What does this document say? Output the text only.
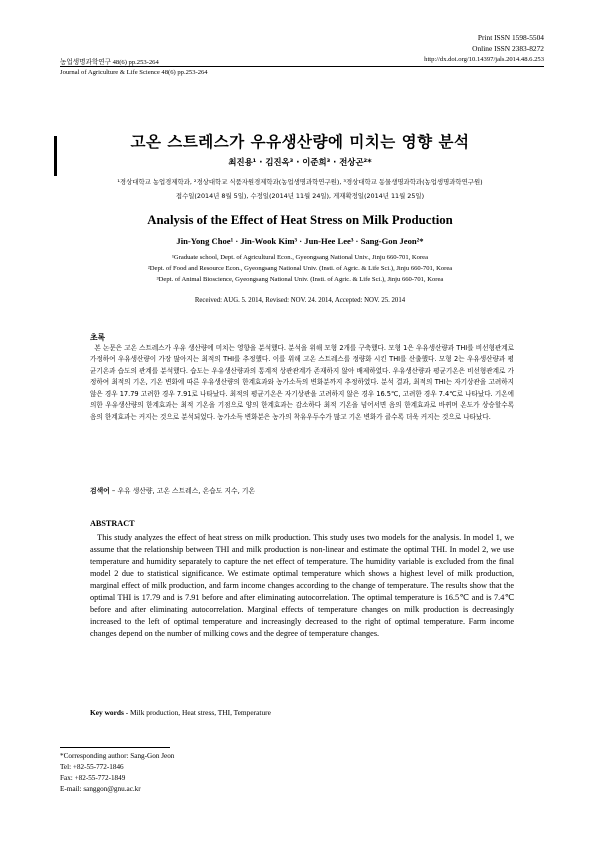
Print ISSN 1598-5504
Online ISSN 2383-8272
농업생명과학연구 48(6) pp.253-264	http://dx.doi.org/10.14397/jals.2014.48.6.253
Journal of Agriculture & Life Science 48(6) pp.253-264
고온 스트레스가 우유생산량에 미치는 영향 분석
최진용¹ · 김진옥³ · 이준희³ · 전상곤²*
¹경상대학교 농업경제학과, ²경상대학교 식품자원경제학과(농업생명과학연구원), ³경상대학교 동물생명과학과(농업생명과학연구원)
접수일(2014년 8월 5일), 수정일(2014년 11월 24일), 게재확정일(2014년 11월 25일)
Analysis of the Effect of Heat Stress on Milk Production
Jin-Yong Choe¹ · Jin-Wook Kim³ · Jun-Hee Lee³ · Sang-Gon Jeon²*
¹Graduate school, Dept. of Agricultural Econ., Gyeongsang National Univ., Jinju 660-701, Korea
²Dept. of Food and Resource Econ., Gyeongsang National Univ. (Insti. of Agric. & Life Sci.), Jinju 660-701, Korea
³Dept. of Animal Bioscience, Gyeongsang National Univ. (Insti. of Agric. & Life Sci.), Jinju 660-701, Korea
Received: AUG. 5. 2014, Revised: NOV. 24. 2014, Accepted: NOV. 25. 2014
초록
본 논문은 고온 스트레스가 우유 생산량에 미치는 영향을 분석했다. 분석을 위해 모형 2개를 구축했다. 모형 1은 우유생산량과 THI를 비선형관계로 가정하여 우유생산량이 가장 많아지는 최적의 THI를 추정했다. 이를 위해 고온 스트레스를 정량화 시킨 THI를 산출했다. 모형 2는 우유생산량과 평균기온과 습도의 관계를 분석했다. 습도는 우유생산량과의 통계적 상관관계가 존재하지 않아 배제하였다. 우유생산량과 평균기온은 비선형관계로 가정하여 최적의 기온, 기온 변화에 따른 우유생산량의 한계효과와 농가소득의 변화분까지 추정하였다. 분석 결과, 최적의 THI는 자기상관을 고려하지 않은 경우 17.79 고려한 경우 7.91로 나타났다. 최적의 평균기온은 자기상관을 고려하지 않은 경우 16.5℃, 고려한 경우 7.4℃로 나타났다. 기온에 의한 우유생산량의 한계효과는 최적 기온을 기점으로 양의 한계효과는 감소하다 최적 기온을 넘어서면 음의 한계효과로 바뀌며 온도가 상승할수록 음의 한계효과는 커지는 것으로 분석되었다. 농가소득 변화분은 농가의 착유우두수가 많고 기온 변화가 클수록 더욱 커지는 것으로 나타났다.
검색어 – 우유 생산량, 고온 스트레스, 온습도 지수, 기온
ABSTRACT
This study analyzes the effect of heat stress on milk production. This study uses two models for the analysis. In model 1, we assume that the relationship between THI and milk production is non-linear and estimate the optimal THI. In model 2, we use temperature and humidity separately to capture the net effect of temperature. The humidity variable is excluded from the final model 2 due to statistical significance. We estimate optimal temperature which shows a highest level of milk production, marginal effect of milk production, and farm income changes according to the change of temperature. The results show that the optimal THI is 17.79 and is 7.91 before and after eliminating autocorrelation. The optimal temperature is 16.5℃ and is 7.4℃ before and after eliminating autocorrelation. Marginal effects of temperature changes on milk production is decreasingly increased to the left of optimal temperature and increasingly decreased to the right of optimal temperature. Farm income changes depend on the number of milking cows and the degree of temperature changes.
Key words - Milk production, Heat stress, THI, Temperature
*Corresponding author: Sang-Gon Jeon
Tel: +82-55-772-1846
Fax: +82-55-772-1849
E-mail: sanggon@gnu.ac.kr
